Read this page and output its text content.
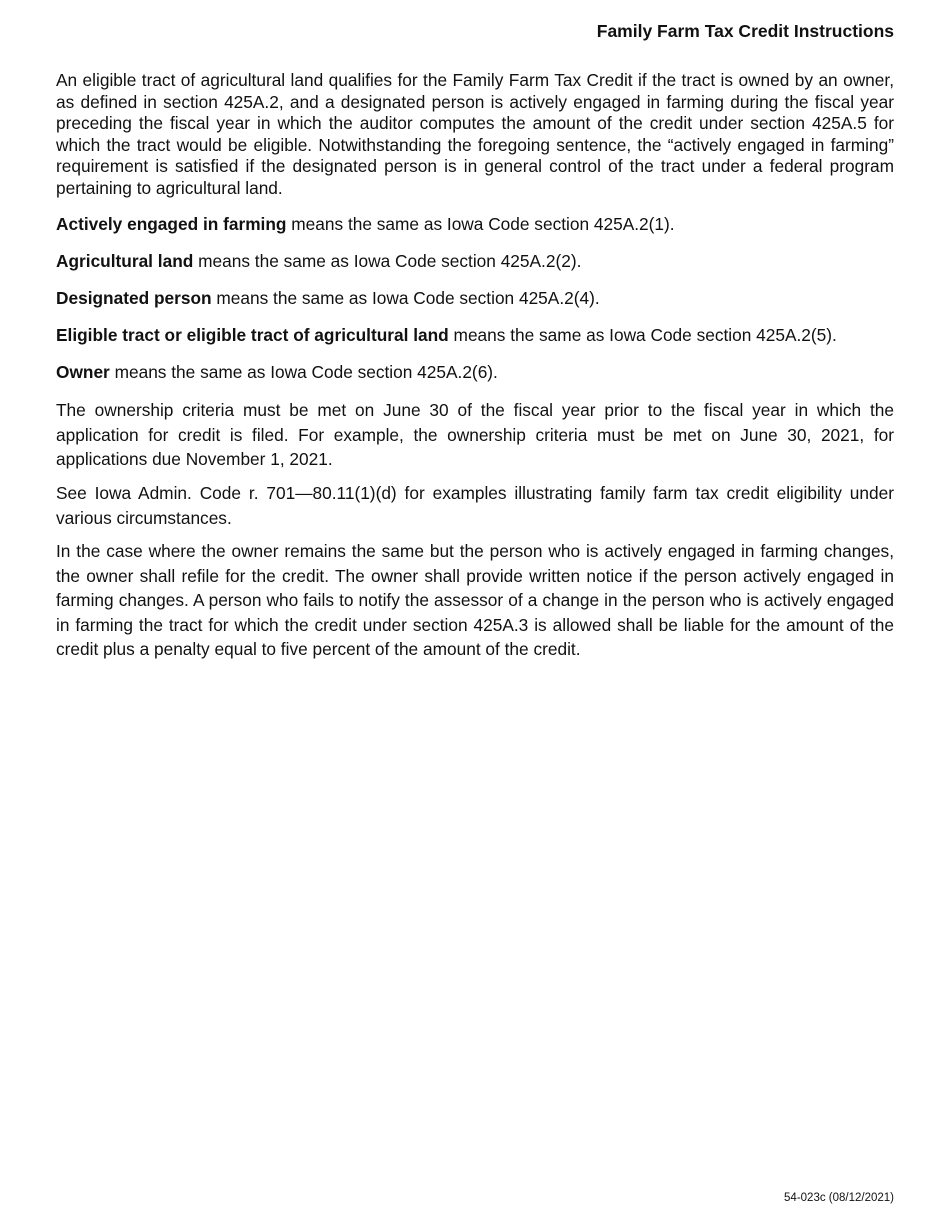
Family Farm Tax Credit Instructions

An eligible tract of agricultural land qualifies for the Family Farm Tax Credit if the tract is owned by an owner, as defined in section 425A.2, and a designated person is actively engaged in farming during the fiscal year preceding the fiscal year in which the auditor computes the amount of the credit under section 425A.5 for which the tract would be eligible. Notwithstanding the foregoing sentence, the “actively engaged in farming” requirement is satisfied if the designated person is in general control of the tract under a federal program pertaining to agricultural land.

Actively engaged in farming means the same as Iowa Code section 425A.2(1).

Agricultural land means the same as Iowa Code section 425A.2(2).

Designated person means the same as Iowa Code section 425A.2(4).

Eligible tract or eligible tract of agricultural land means the same as Iowa Code section 425A.2(5).

Owner means the same as Iowa Code section 425A.2(6).

The ownership criteria must be met on June 30 of the fiscal year prior to the fiscal year in which the application for credit is filed. For example, the ownership criteria must be met on June 30, 2021, for applications due November 1, 2021.

See Iowa Admin. Code r. 701—80.11(1)(d) for examples illustrating family farm tax credit eligibility under various circumstances.

In the case where the owner remains the same but the person who is actively engaged in farming changes, the owner shall refile for the credit. The owner shall provide written notice if the person actively engaged in farming changes. A person who fails to notify the assessor of a change in the person who is actively engaged in farming the tract for which the credit under section 425A.3 is allowed shall be liable for the amount of the credit plus a penalty equal to five percent of the amount of the credit.

54-023c (08/12/2021)
